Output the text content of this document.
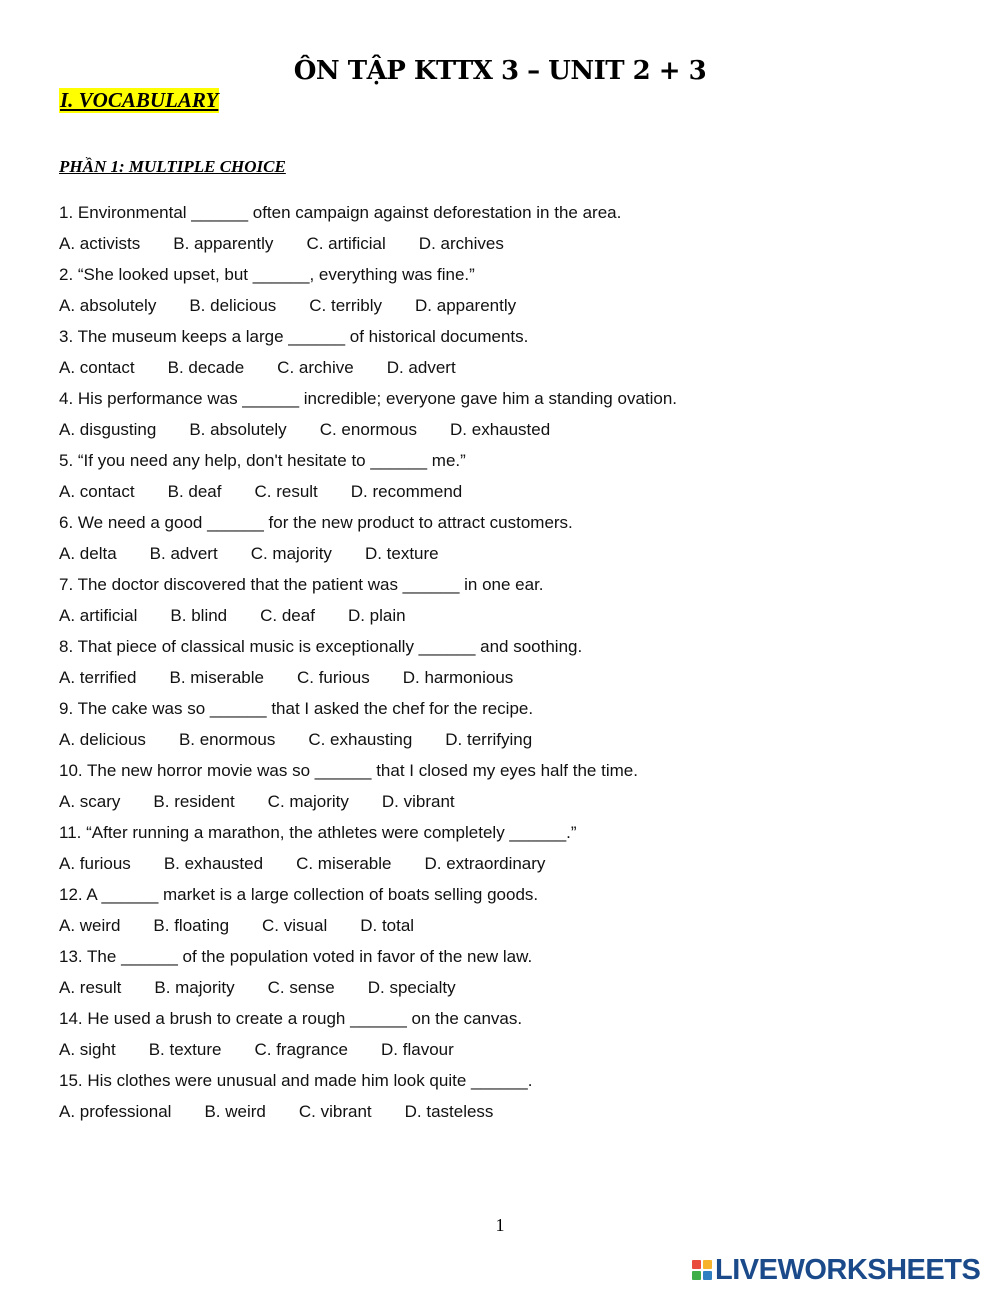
ÔN TẬP KTTX 3 – UNIT 2 + 3
I. VOCABULARY
PHẦN 1: MULTIPLE CHOICE
1. Environmental ______ often campaign against deforestation in the area.
A. activists B. apparently C. artificial D. archives
2. “She looked upset, but ______, everything was fine.”
A. absolutely B. delicious C. terribly D. apparently
3. The museum keeps a large ______ of historical documents.
A. contact B. decade C. archive D. advert
4. His performance was ______ incredible; everyone gave him a standing ovation.
A. disgusting B. absolutely C. enormous D. exhausted
5. “If you need any help, don't hesitate to ______ me.”
A. contact B. deaf C. result D. recommend
6. We need a good ______ for the new product to attract customers.
A. delta B. advert C. majority D. texture
7. The doctor discovered that the patient was ______ in one ear.
A. artificial B. blind C. deaf D. plain
8. That piece of classical music is exceptionally ______ and soothing.
A. terrified B. miserable C. furious D. harmonious
9. The cake was so ______ that I asked the chef for the recipe.
A. delicious B. enormous C. exhausting D. terrifying
10. The new horror movie was so ______ that I closed my eyes half the time.
A. scary B. resident C. majority D. vibrant
11. “After running a marathon, the athletes were completely ______.”
A. furious B. exhausted C. miserable D. extraordinary
12. A ______ market is a large collection of boats selling goods.
A. weird B. floating C. visual D. total
13. The ______ of the population voted in favor of the new law.
A. result B. majority C. sense D. specialty
14. He used a brush to create a rough ______ on the canvas.
A. sight B. texture C. fragrance D. flavour
15. His clothes were unusual and made him look quite ______.
A. professional B. weird C. vibrant D. tasteless
1
LIVEWORKSHEETS
